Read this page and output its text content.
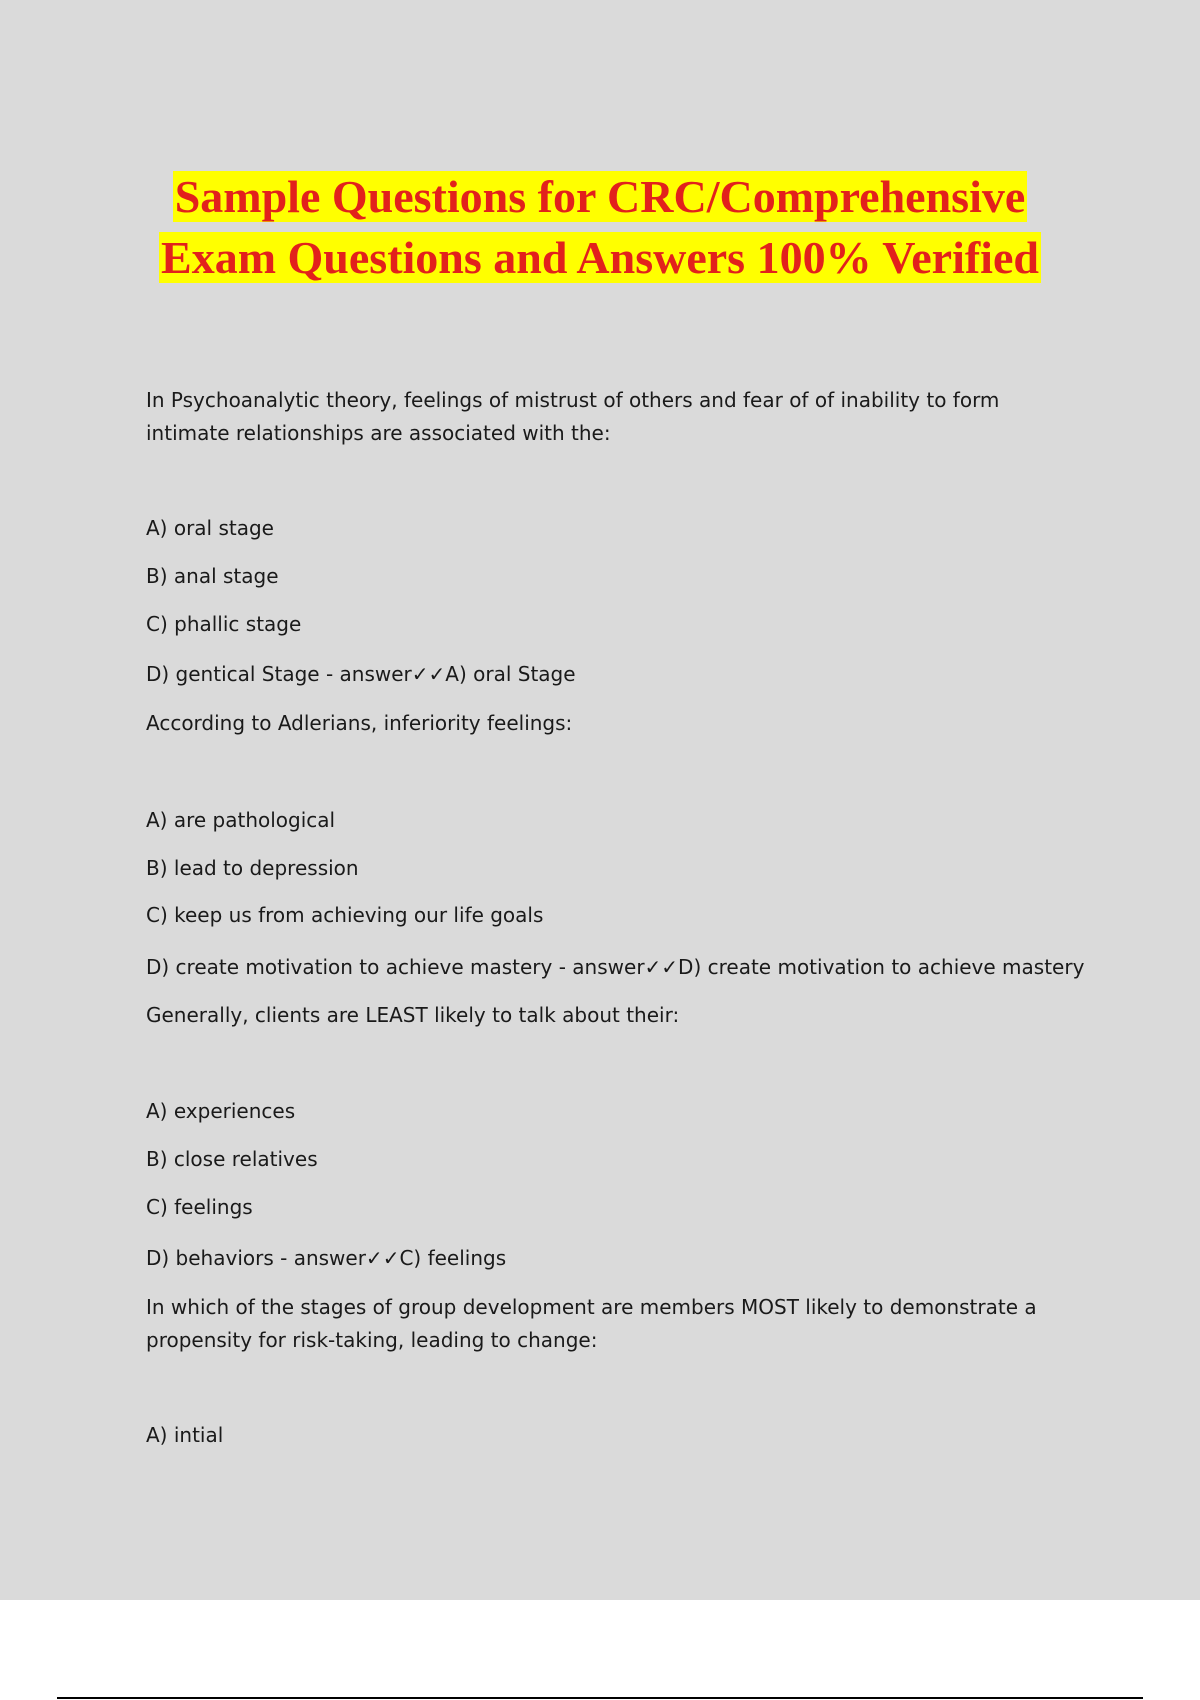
Sample Questions for CRC/Comprehensive
Exam Questions and Answers 100% Verified

In Psychoanalytic theory, feelings of mistrust of others and fear of of inability to form intimate relationships are associated with the:

A) oral stage

B) anal stage

C) phallic stage

D) gentical Stage - answer✓✓A) oral Stage

According to Adlerians, inferiority feelings:

A) are pathological

B) lead to depression

C) keep us from achieving our life goals

D) create motivation to achieve mastery - answer✓✓D) create motivation to achieve mastery

Generally, clients are LEAST likely to talk about their:

A) experiences

B) close relatives

C) feelings

D) behaviors - answer✓✓C) feelings

In which of the stages of group development are members MOST likely to demonstrate a propensity for risk-taking, leading to change:

A) intial
